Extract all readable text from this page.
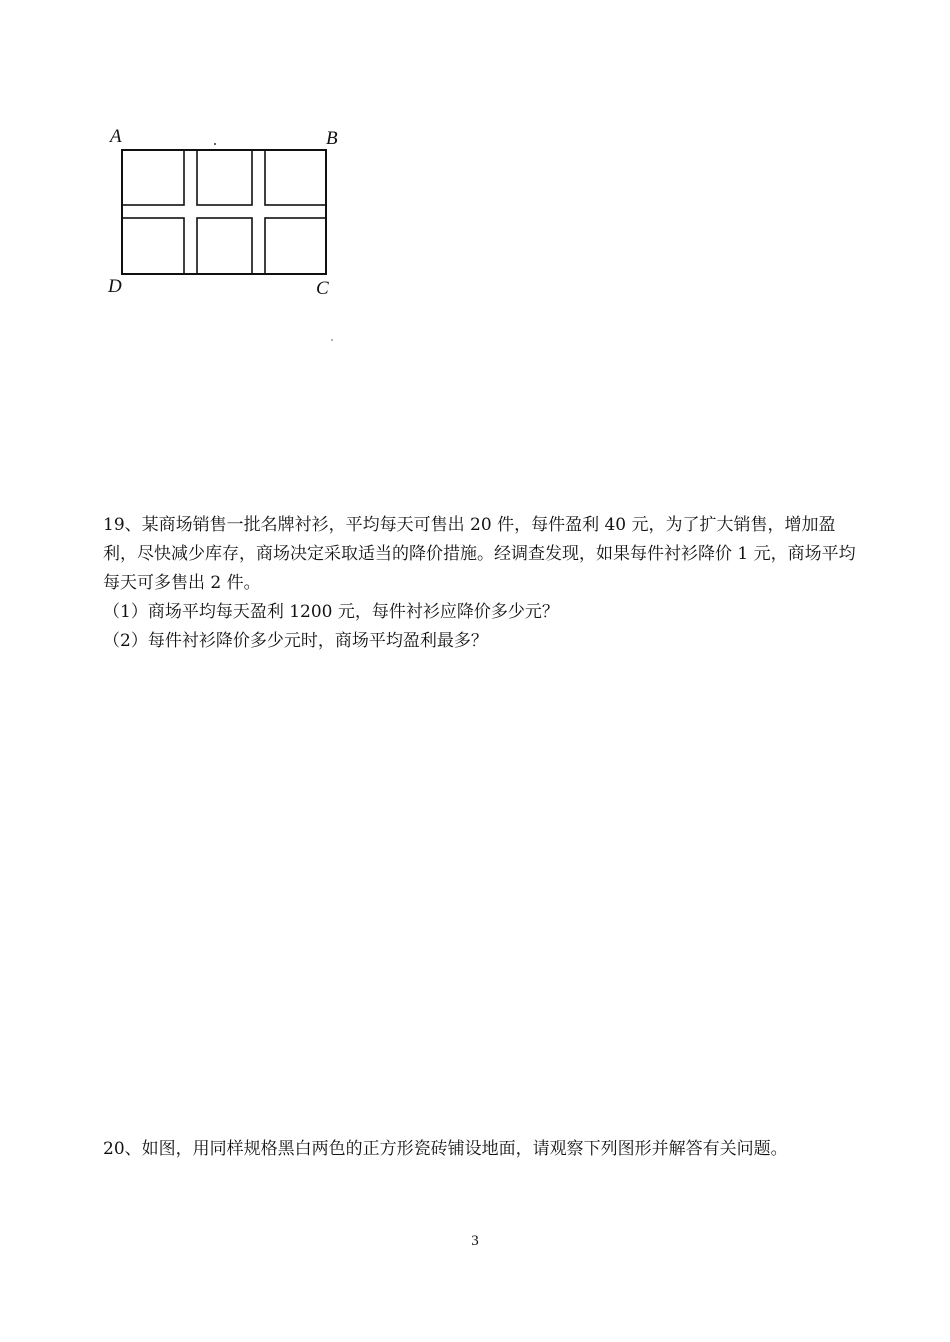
A	B
D	C

19、某商场销售一批名牌衬衫，平均每天可售出 20 件，每件盈利 40 元，为了扩大销售，增加盈利，尽快减少库存，商场决定采取适当的降价措施。经调查发现，如果每件衬衫降价 1 元，商场平均每天可多售出 2 件。

（1）商场平均每天盈利 1200 元，每件衬衫应降价多少元？

（2）每件衬衫降价多少元时，商场平均盈利最多？

20、如图，用同样规格黑白两色的正方形瓷砖铺设地面，请观察下列图形并解答有关问题。

3
